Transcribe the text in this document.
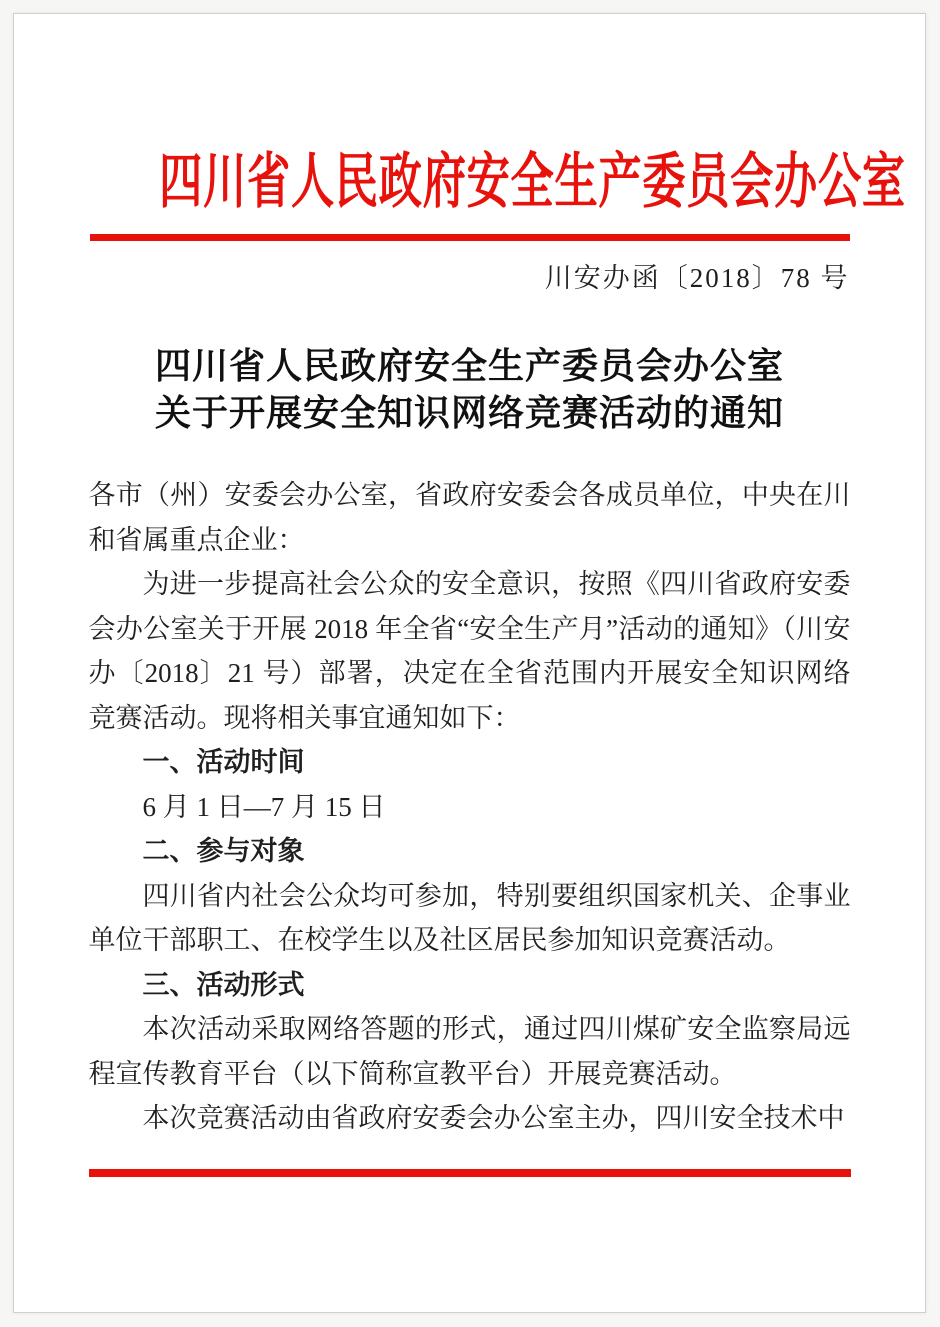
四川省人民政府安全生产委员会办公室
川安办函〔2018〕78 号
四川省人民政府安全生产委员会办公室
关于开展安全知识网络竞赛活动的通知

各市（州）安委会办公室，省政府安委会各成员单位，中央在川和省属重点企业：

为进一步提高社会公众的安全意识，按照《四川省政府安委会办公室关于开展 2018 年全省“安全生产月”活动的通知》（川安办〔2018〕21 号）部署，决定在全省范围内开展安全知识网络竞赛活动。现将相关事宜通知如下：

一、活动时间

6 月 1 日—7 月 15 日

二、参与对象

四川省内社会公众均可参加，特别要组织国家机关、企事业单位干部职工、在校学生以及社区居民参加知识竞赛活动。

三、活动形式

本次活动采取网络答题的形式，通过四川煤矿安全监察局远程宣传教育平台（以下简称宣教平台）开展竞赛活动。

本次竞赛活动由省政府安委会办公室主办，四川安全技术中
